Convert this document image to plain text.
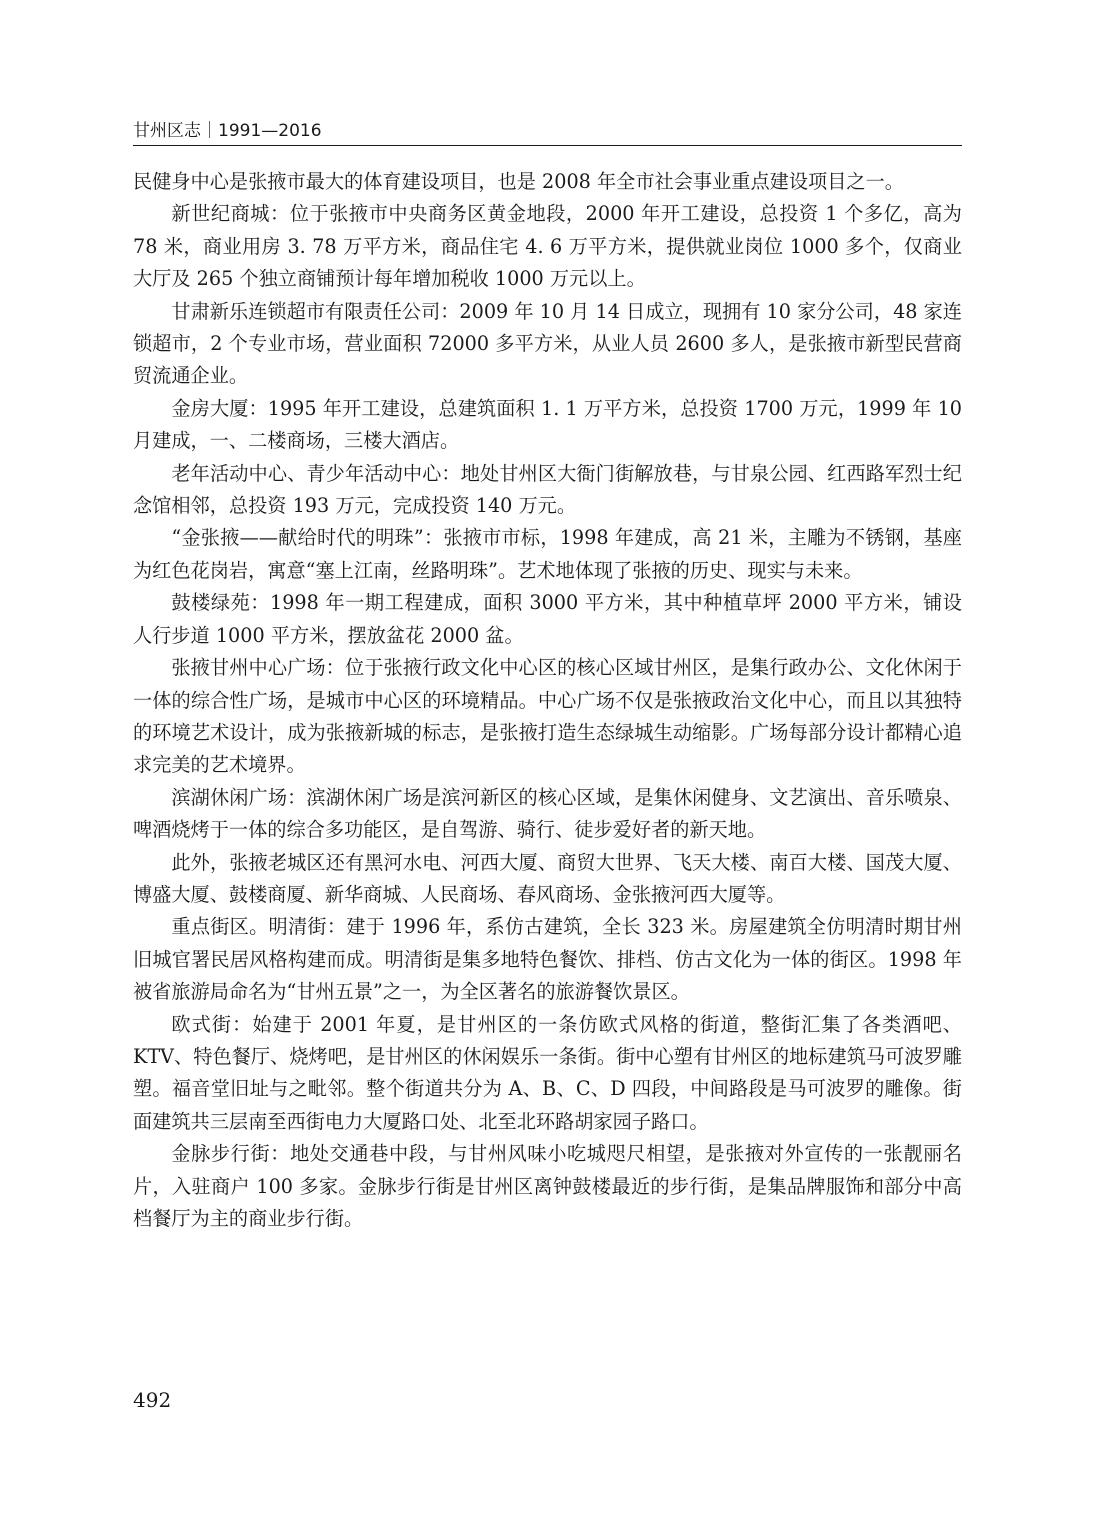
甘州区志｜1991—2016

民健身中心是张掖市最大的体育建设项目，也是 2008 年全市社会事业重点建设项目之一。

新世纪商城：位于张掖市中央商务区黄金地段，2000 年开工建设，总投资 1 个多亿，高为 78 米，商业用房 3. 78 万平方米，商品住宅 4. 6 万平方米，提供就业岗位 1000 多个，仅商业大厅及 265 个独立商铺预计每年增加税收 1000 万元以上。

甘肃新乐连锁超市有限责任公司：2009 年 10 月 14 日成立，现拥有 10 家分公司，48 家连锁超市，2 个专业市场，营业面积 72000 多平方米，从业人员 2600 多人，是张掖市新型民营商贸流通企业。

金房大厦：1995 年开工建设，总建筑面积 1. 1 万平方米，总投资 1700 万元，1999 年 10 月建成，一、二楼商场，三楼大酒店。

老年活动中心、青少年活动中心：地处甘州区大衙门街解放巷，与甘泉公园、红西路军烈士纪念馆相邻，总投资 193 万元，完成投资 140 万元。

“金张掖——献给时代的明珠”：张掖市市标，1998 年建成，高 21 米，主雕为不锈钢，基座为红色花岗岩，寓意“塞上江南，丝路明珠”。艺术地体现了张掖的历史、现实与未来。

鼓楼绿苑：1998 年一期工程建成，面积 3000 平方米，其中种植草坪 2000 平方米，铺设人行步道 1000 平方米，摆放盆花 2000 盆。

张掖甘州中心广场：位于张掖行政文化中心区的核心区域甘州区，是集行政办公、文化休闲于一体的综合性广场，是城市中心区的环境精品。中心广场不仅是张掖政治文化中心，而且以其独特的环境艺术设计，成为张掖新城的标志，是张掖打造生态绿城生动缩影。广场每部分设计都精心追求完美的艺术境界。

滨湖休闲广场：滨湖休闲广场是滨河新区的核心区域，是集休闲健身、文艺演出、音乐喷泉、啤酒烧烤于一体的综合多功能区，是自驾游、骑行、徒步爱好者的新天地。

此外，张掖老城区还有黑河水电、河西大厦、商贸大世界、飞天大楼、南百大楼、国茂大厦、博盛大厦、鼓楼商厦、新华商城、人民商场、春风商场、金张掖河西大厦等。

重点街区。明清街：建于 1996 年，系仿古建筑，全长 323 米。房屋建筑全仿明清时期甘州旧城官署民居风格构建而成。明清街是集多地特色餐饮、排档、仿古文化为一体的街区。1998 年被省旅游局命名为“甘州五景”之一，为全区著名的旅游餐饮景区。

欧式街：始建于 2001 年夏，是甘州区的一条仿欧式风格的街道，整街汇集了各类酒吧、KTV、特色餐厅、烧烤吧，是甘州区的休闲娱乐一条街。街中心塑有甘州区的地标建筑马可波罗雕塑。福音堂旧址与之毗邻。整个街道共分为 A、B、C、D 四段，中间路段是马可波罗的雕像。街面建筑共三层南至西街电力大厦路口处、北至北环路胡家园子路口。

金脉步行街：地处交通巷中段，与甘州风味小吃城咫尺相望，是张掖对外宣传的一张靓丽名片，入驻商户 100 多家。金脉步行街是甘州区离钟鼓楼最近的步行街，是集品牌服饰和部分中高档餐厅为主的商业步行街。

492
